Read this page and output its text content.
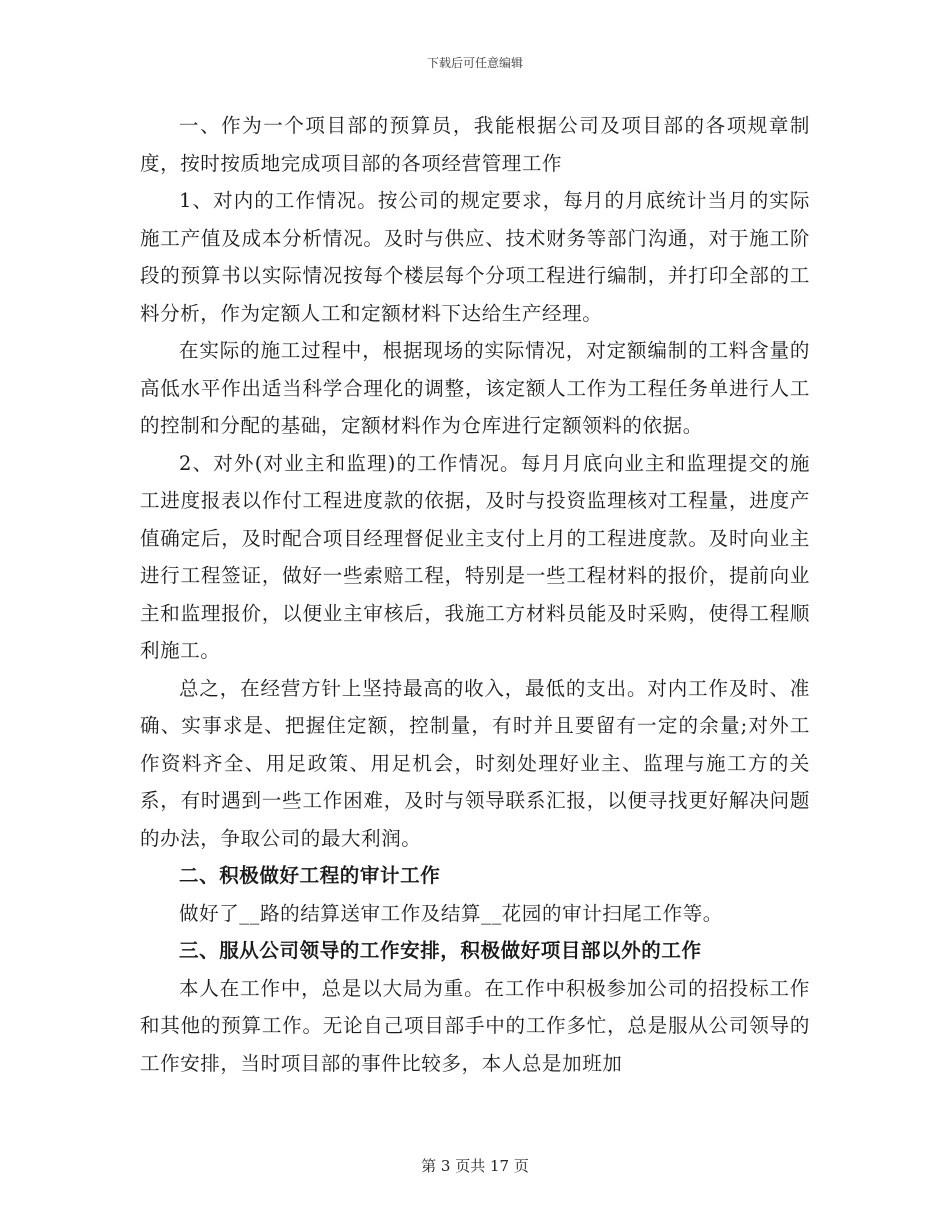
下载后可任意编辑

一、作为一个项目部的预算员，我能根据公司及项目部的各项规章制度，按时按质地完成项目部的各项经营管理工作

1、对内的工作情况。按公司的规定要求，每月的月底统计当月的实际施工产值及成本分析情况。及时与供应、技术财务等部门沟通，对于施工阶段的预算书以实际情况按每个楼层每个分项工程进行编制，并打印全部的工料分析，作为定额人工和定额材料下达给生产经理。

在实际的施工过程中，根据现场的实际情况，对定额编制的工料含量的高低水平作出适当科学合理化的调整，该定额人工作为工程任务单进行人工的控制和分配的基础，定额材料作为仓库进行定额领料的依据。

2、对外(对业主和监理)的工作情况。每月月底向业主和监理提交的施工进度报表以作付工程进度款的依据，及时与投资监理核对工程量，进度产值确定后，及时配合项目经理督促业主支付上月的工程进度款。及时向业主进行工程签证，做好一些索赔工程，特别是一些工程材料的报价，提前向业主和监理报价，以便业主审核后，我施工方材料员能及时采购，使得工程顺利施工。

总之，在经营方针上坚持最高的收入，最低的支出。对内工作及时、准确、实事求是、把握住定额，控制量，有时并且要留有一定的余量;对外工作资料齐全、用足政策、用足机会，时刻处理好业主、监理与施工方的关系，有时遇到一些工作困难，及时与领导联系汇报，以便寻找更好解决问题的办法，争取公司的最大利润。

二、积极做好工程的审计工作

做好了__路的结算送审工作及结算__花园的审计扫尾工作等。

三、服从公司领导的工作安排，积极做好项目部以外的工作

本人在工作中，总是以大局为重。在工作中积极参加公司的招投标工作和其他的预算工作。无论自己项目部手中的工作多忙，总是服从公司领导的工作安排，当时项目部的事件比较多，本人总是加班加

第 3 页共 17 页
